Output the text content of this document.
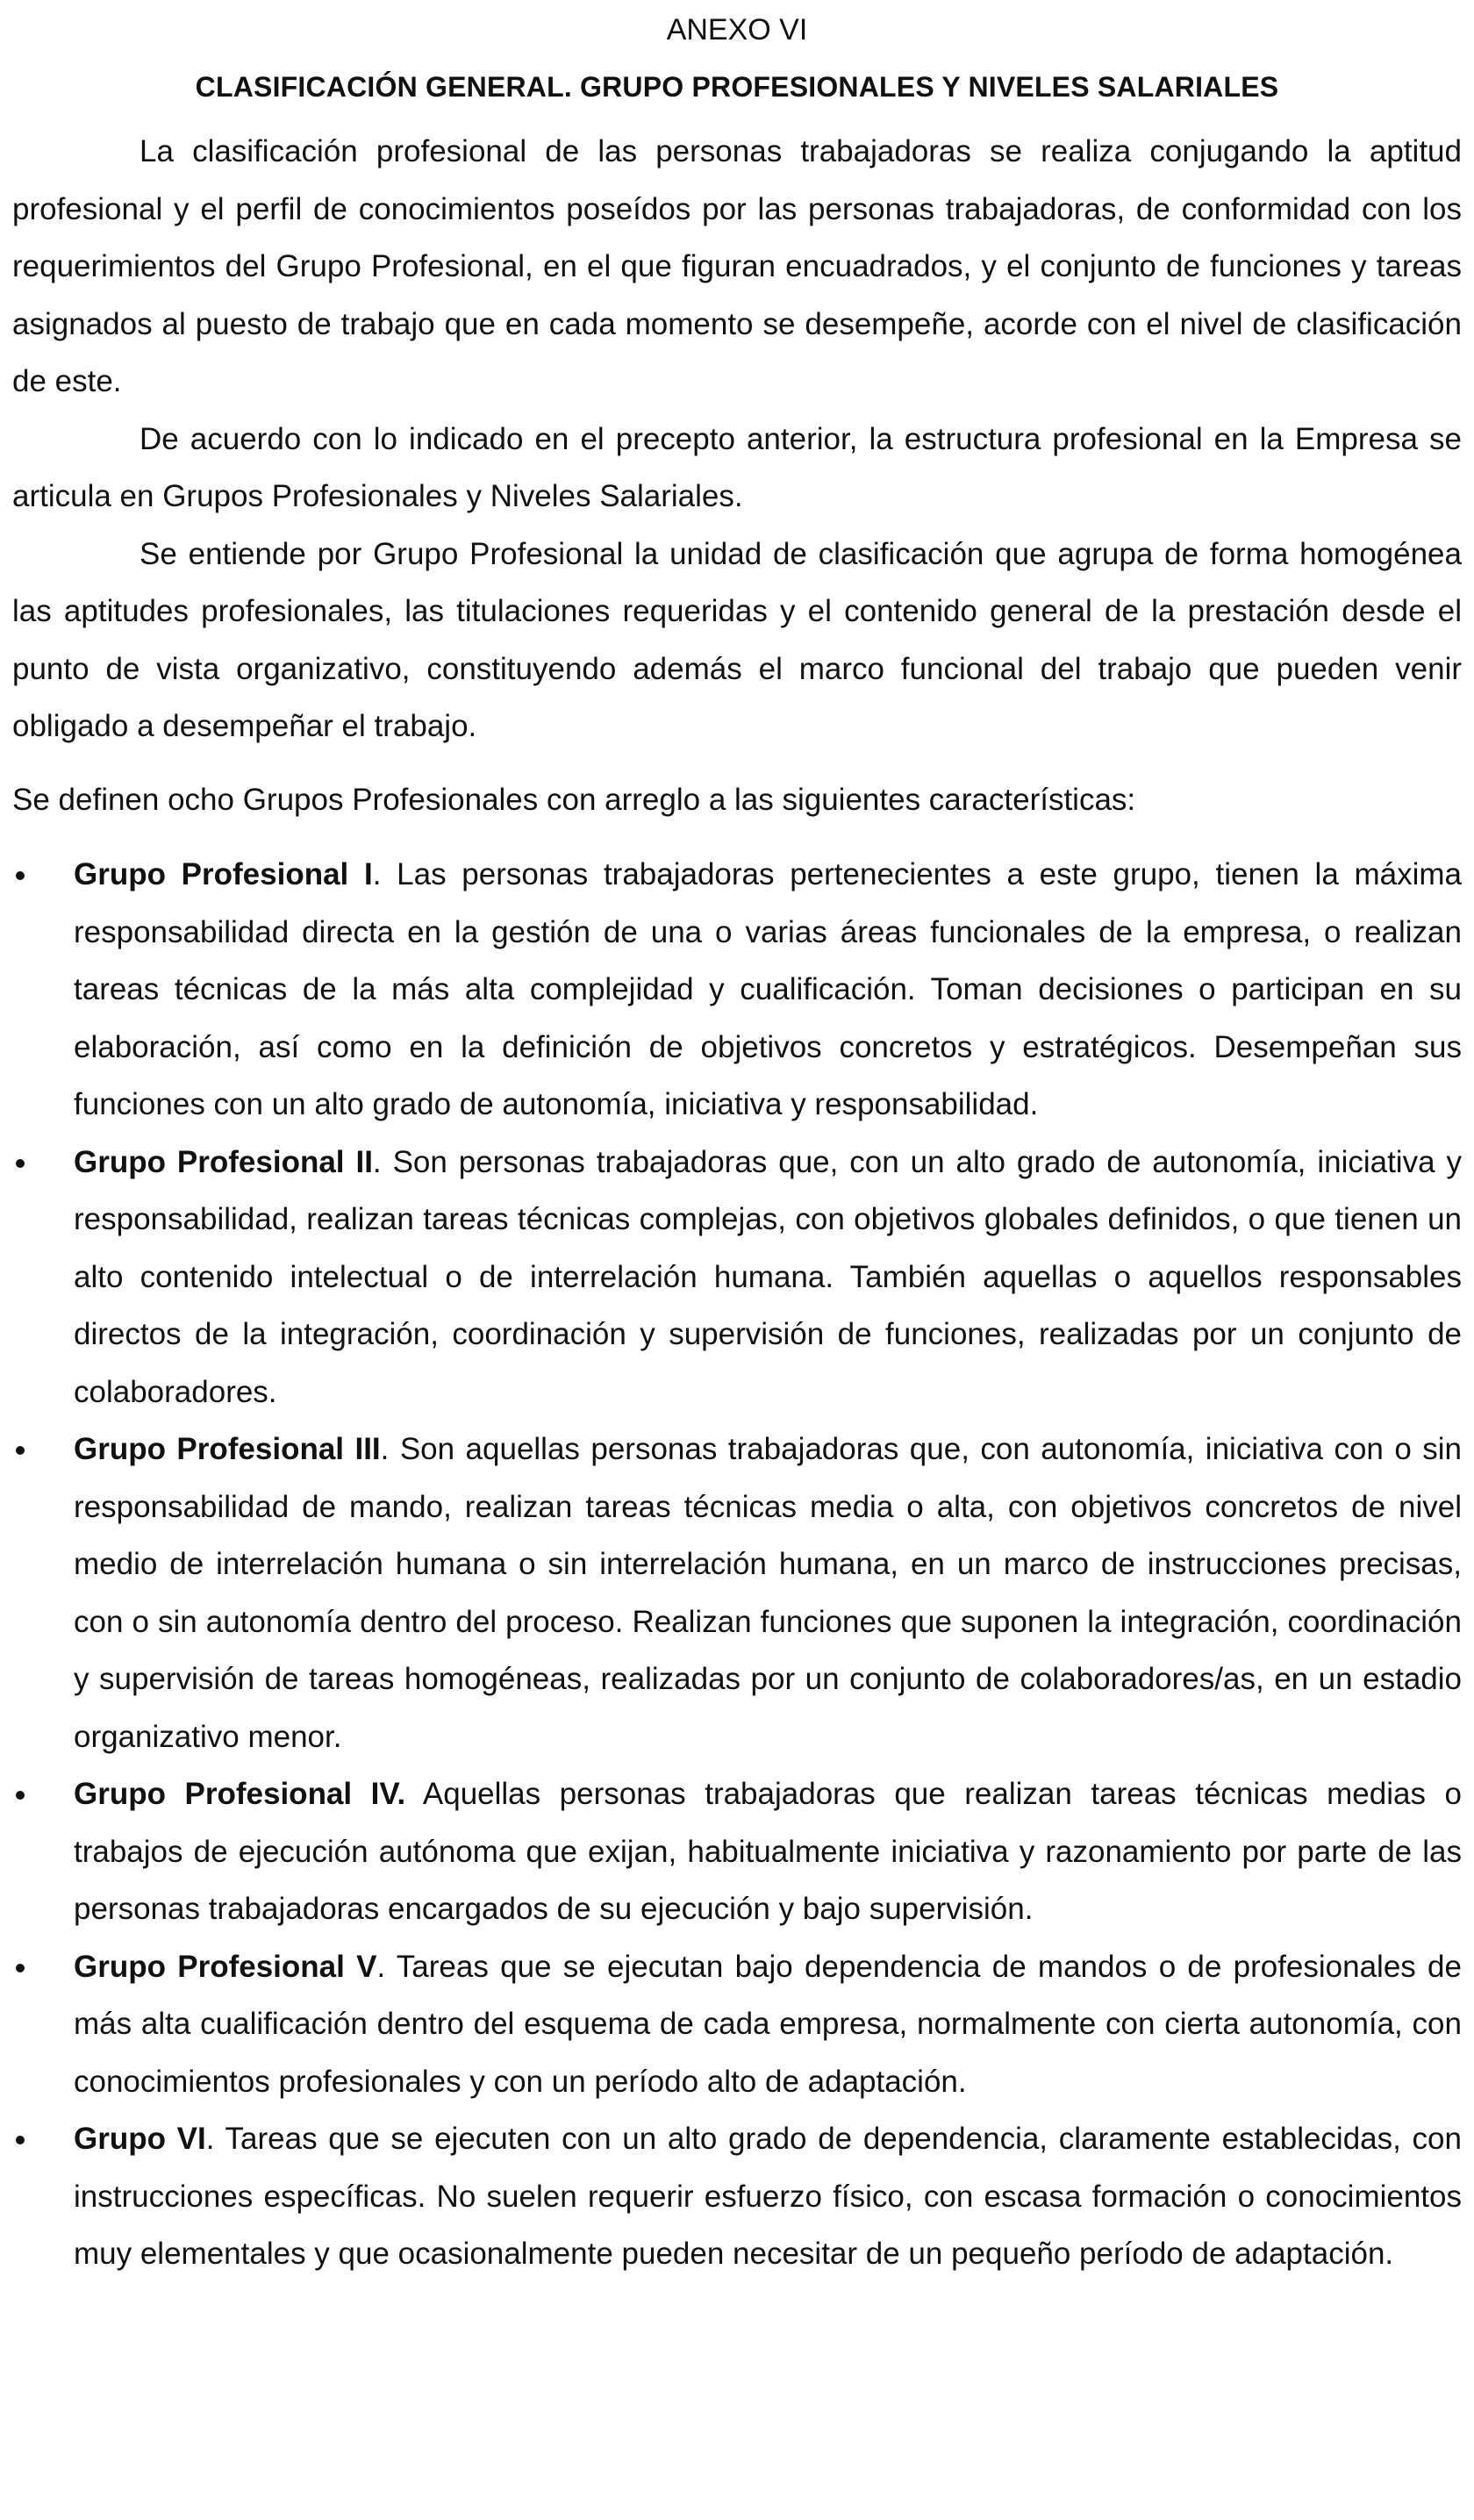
ANEXO VI
CLASIFICACIÓN GENERAL. GRUPO PROFESIONALES Y NIVELES SALARIALES

La clasificación profesional de las personas trabajadoras se realiza conjugando la aptitud profesional y el perfil de conocimientos poseídos por las personas trabajadoras, de conformidad con los requerimientos del Grupo Profesional, en el que figuran encuadrados, y el conjunto de funciones y tareas asignados al puesto de trabajo que en cada momento se desempeñe, acorde con el nivel de clasificación de este.

De acuerdo con lo indicado en el precepto anterior, la estructura profesional en la Empresa se articula en Grupos Profesionales y Niveles Salariales.

Se entiende por Grupo Profesional la unidad de clasificación que agrupa de forma homogénea las aptitudes profesionales, las titulaciones requeridas y el contenido general de la prestación desde el punto de vista organizativo, constituyendo además el marco funcional del trabajo que pueden venir obligado a desempeñar el trabajo.

Se definen ocho Grupos Profesionales con arreglo a las siguientes características:

Grupo Profesional I. Las personas trabajadoras pertenecientes a este grupo, tienen la máxima responsabilidad directa en la gestión de una o varias áreas funcionales de la empresa, o realizan tareas técnicas de la más alta complejidad y cualificación. Toman decisiones o participan en su elaboración, así como en la definición de objetivos concretos y estratégicos. Desempeñan sus funciones con un alto grado de autonomía, iniciativa y responsabilidad.
Grupo Profesional II. Son personas trabajadoras que, con un alto grado de autonomía, iniciativa y responsabilidad, realizan tareas técnicas complejas, con objetivos globales definidos, o que tienen un alto contenido intelectual o de interrelación humana. También aquellas o aquellos responsables directos de la integración, coordinación y supervisión de funciones, realizadas por un conjunto de colaboradores.
Grupo Profesional III. Son aquellas personas trabajadoras que, con autonomía, iniciativa con o sin responsabilidad de mando, realizan tareas técnicas media o alta, con objetivos concretos de nivel medio de interrelación humana o sin interrelación humana, en un marco de instrucciones precisas, con o sin autonomía dentro del proceso. Realizan funciones que suponen la integración, coordinación y supervisión de tareas homogéneas, realizadas por un conjunto de colaboradores/as, en un estadio organizativo menor.
Grupo Profesional IV. Aquellas personas trabajadoras que realizan tareas técnicas medias o trabajos de ejecución autónoma que exijan, habitualmente iniciativa y razonamiento por parte de las personas trabajadoras encargados de su ejecución y bajo supervisión.
Grupo Profesional V. Tareas que se ejecutan bajo dependencia de mandos o de profesionales de más alta cualificación dentro del esquema de cada empresa, normalmente con cierta autonomía, con conocimientos profesionales y con un período alto de adaptación.
Grupo VI. Tareas que se ejecuten con un alto grado de dependencia, claramente establecidas, con instrucciones específicas. No suelen requerir esfuerzo físico, con escasa formación o conocimientos muy elementales y que ocasionalmente pueden necesitar de un pequeño período de adaptación.
